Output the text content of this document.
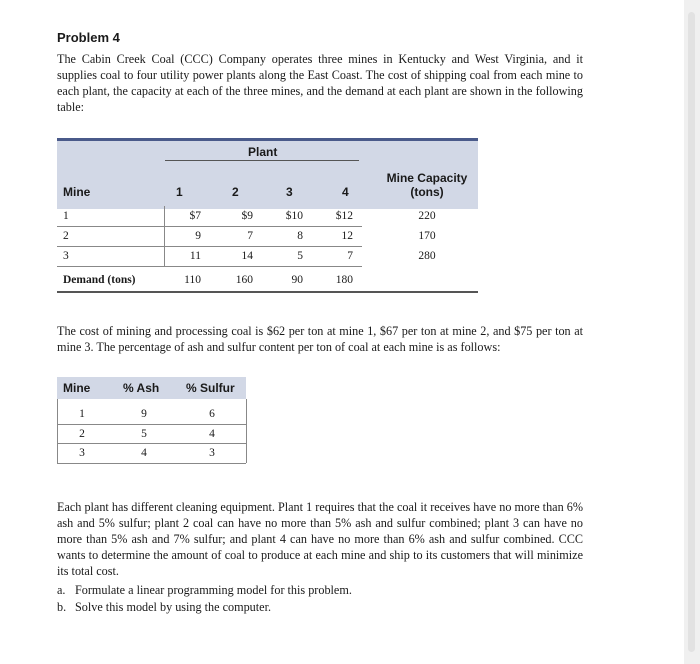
Problem 4
The Cabin Creek Coal (CCC) Company operates three mines in Kentucky and West Virginia, and it supplies coal to four utility power plants along the East Coast. The cost of shipping coal from each mine to each plant, the capacity at each of the three mines, and the demand at each plant are shown in the following table:
Plant
Mine	1	2	3	4
Mine Capacity
(tons)
1	$7	$9	$10	$12	220
2	9	7	8	12	170
3	11	14	5	7	280
Demand (tons)	110	160	90	180
The cost of mining and processing coal is $62 per ton at mine 1, $67 per ton at mine 2, and $75 per ton at mine 3. The percentage of ash and sulfur content per ton of coal at each mine is as follows:
Mine	% Ash % Sulfur
1	9	6
2	5	4
3	4	3
Each plant has different cleaning equipment. Plant 1 requires that the coal it receives have no more than 6% ash and 5% sulfur; plant 2 coal can have no more than 5% ash and sulfur combined; plant 3 can have no more than 5% ash and 7% sulfur; and plant 4 can have no more than 6% ash and sulfur combined. CCC wants to determine the amount of coal to produce at each mine and ship to its customers that will minimize its total cost.
a. Formulate a linear programming model for this problem.
b. Solve this model by using the computer.
